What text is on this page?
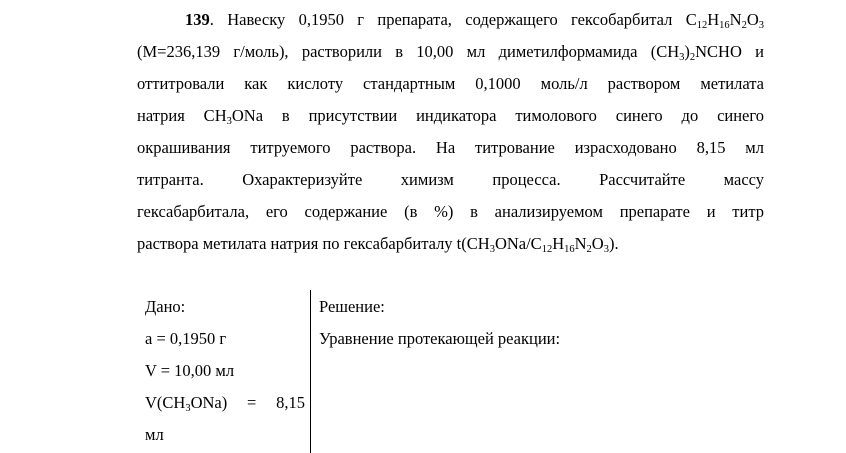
139. Навеску 0,1950 г препарата, содержащего гексобарбитал $С_{12}H_{16}N_2O_3$
(М=236,139 г/моль), растворили в 10,00 мл диметилформамида $(CH_3)_2NCHO$ и
оттитровали как кислоту стандартным 0,1000 моль/л раствором метилата
натрия $CH_3ONa$ в присутствии индикатора тимолового синего до синего
окрашивания титруемого раствора. На титрование израсходовано 8,15 мл
титранта. Охарактеризуйте химизм процесса. Рассчитайте массу
гексабарбитала, его содержание (в %) в анализируемом препарате и титр
раствора метилата натрия по гексабарбиталу $t(CH_3ONa/C_{12}H_{16}N_2O_3)$.
Дано:
a = 0,1950 г
V = 10,00 мл
$V(CH_3ONa) = 8,15$
мл
Решение:
Уравнение протекающей реакции:
